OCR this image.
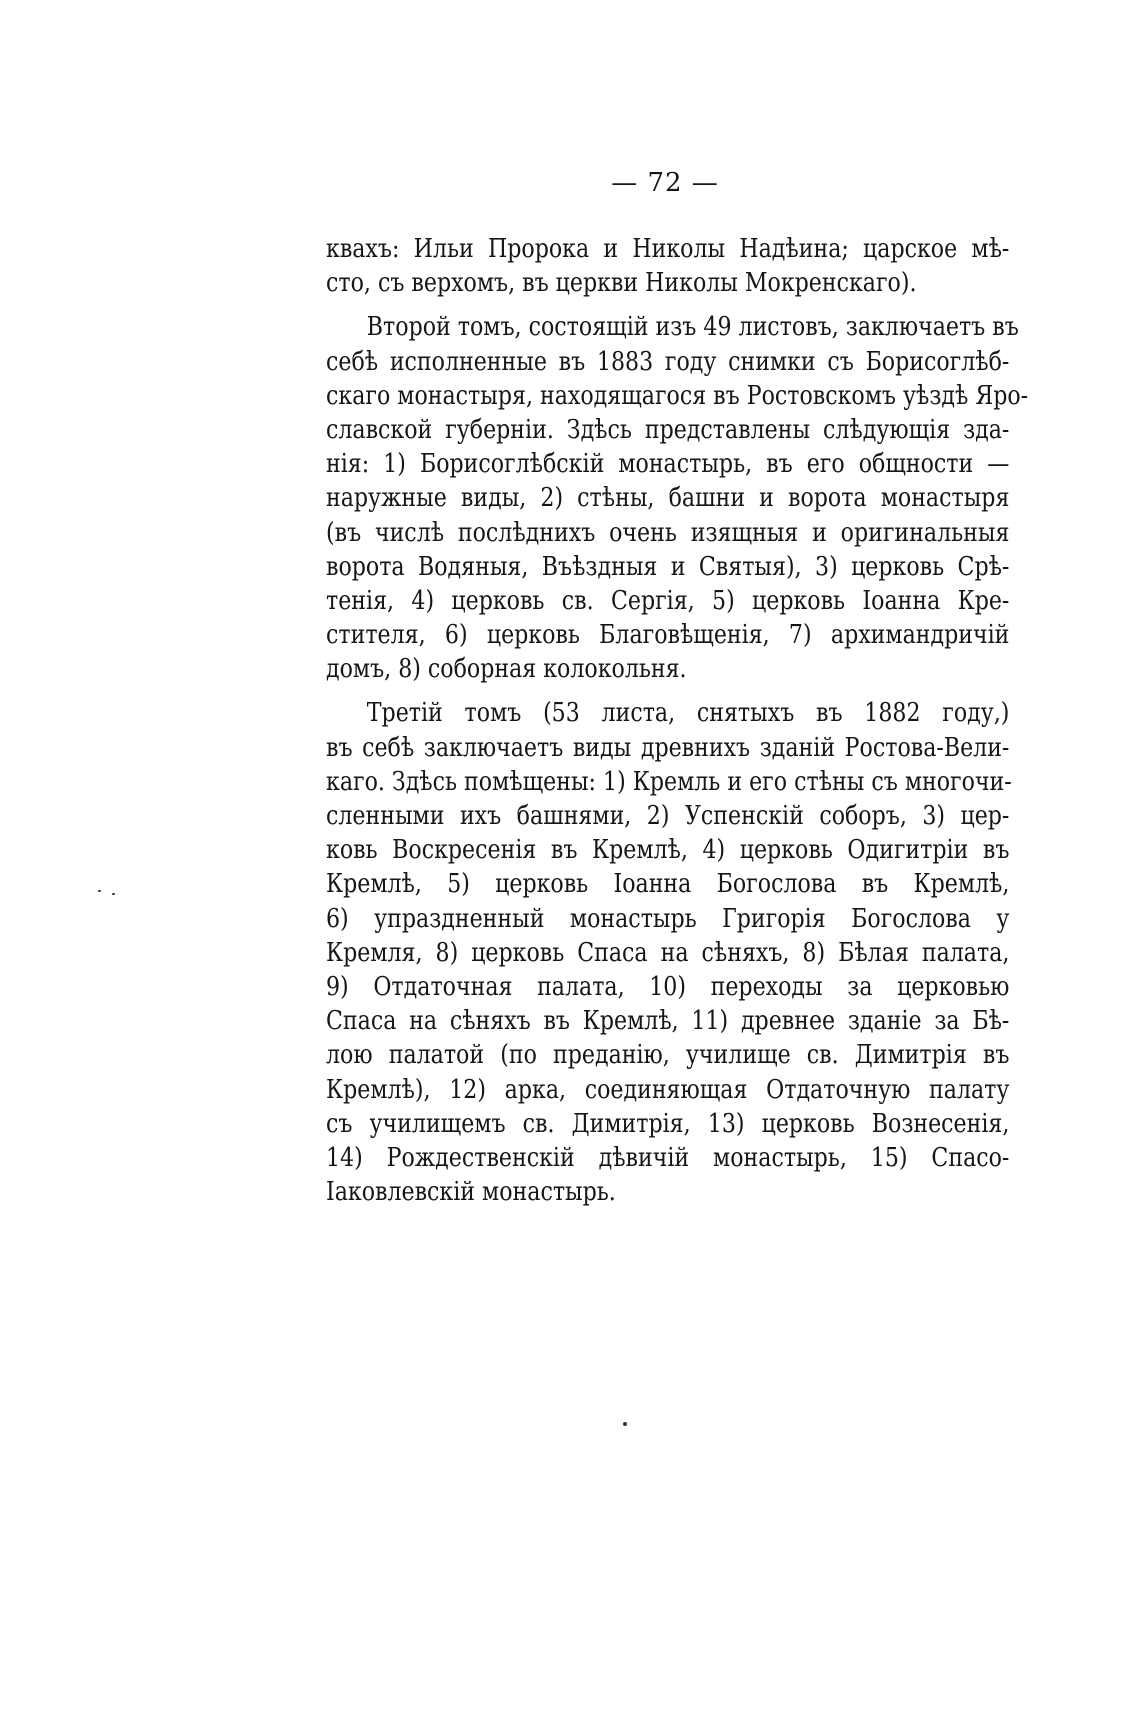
— 72 —
квахъ: Ильи Пророка и Николы Надѣина; царское мѣ-
сто, съ верхомъ, въ церкви Николы Мокренскаго).
Второй томъ, состоящій изъ 49 листовъ, заключаетъ въ
себѣ исполненные въ 1883 году снимки съ Борисоглѣб-
скаго монастыря, находящагося въ Ростовскомъ уѣздѣ Яро-
славской губерніи. Здѣсь представлены слѣдующія зда-
нія: 1) Борисоглѣбскій монастырь, въ его общности —
наружные виды, 2) стѣны, башни и ворота монастыря
(въ числѣ послѣднихъ очень изящныя и оригинальныя
ворота Водяныя, Въѣздныя и Святыя), 3) церковь Срѣ-
тенія, 4) церковь св. Сергія, 5) церковь Іоанна Кре-
стителя, 6) церковь Благовѣщенія, 7) архимандричій
домъ, 8) соборная колокольня.
Третій томъ (53 листа, снятыхъ въ 1882 году,)
въ себѣ заключаетъ виды древнихъ зданій Ростова-Вели-
каго. Здѣсь помѣщены: 1) Кремль и его стѣны съ многочи-
сленными ихъ башнями, 2) Успенскій соборъ, 3) цер-
ковь Воскресенія въ Кремлѣ, 4) церковь Одигитріи въ
Кремлѣ, 5) церковь Іоанна Богослова въ Кремлѣ,
6) упраздненный монастырь Григорія Богослова у
Кремля, 8) церковь Спаса на сѣняхъ, 8) Бѣлая палата,
9) Отдаточная палата, 10) переходы за церковью
Спаса на сѣняхъ въ Кремлѣ, 11) древнее зданіе за Бѣ-
лою палатой (по преданію, училище св. Димитрія въ
Кремлѣ), 12) арка, соединяющая Отдаточную палату
съ училищемъ св. Димитрія, 13) церковь Вознесенія,
14) Рождественскій дѣвичій монастырь, 15) Спасо-
Іаковлевскій монастырь.
